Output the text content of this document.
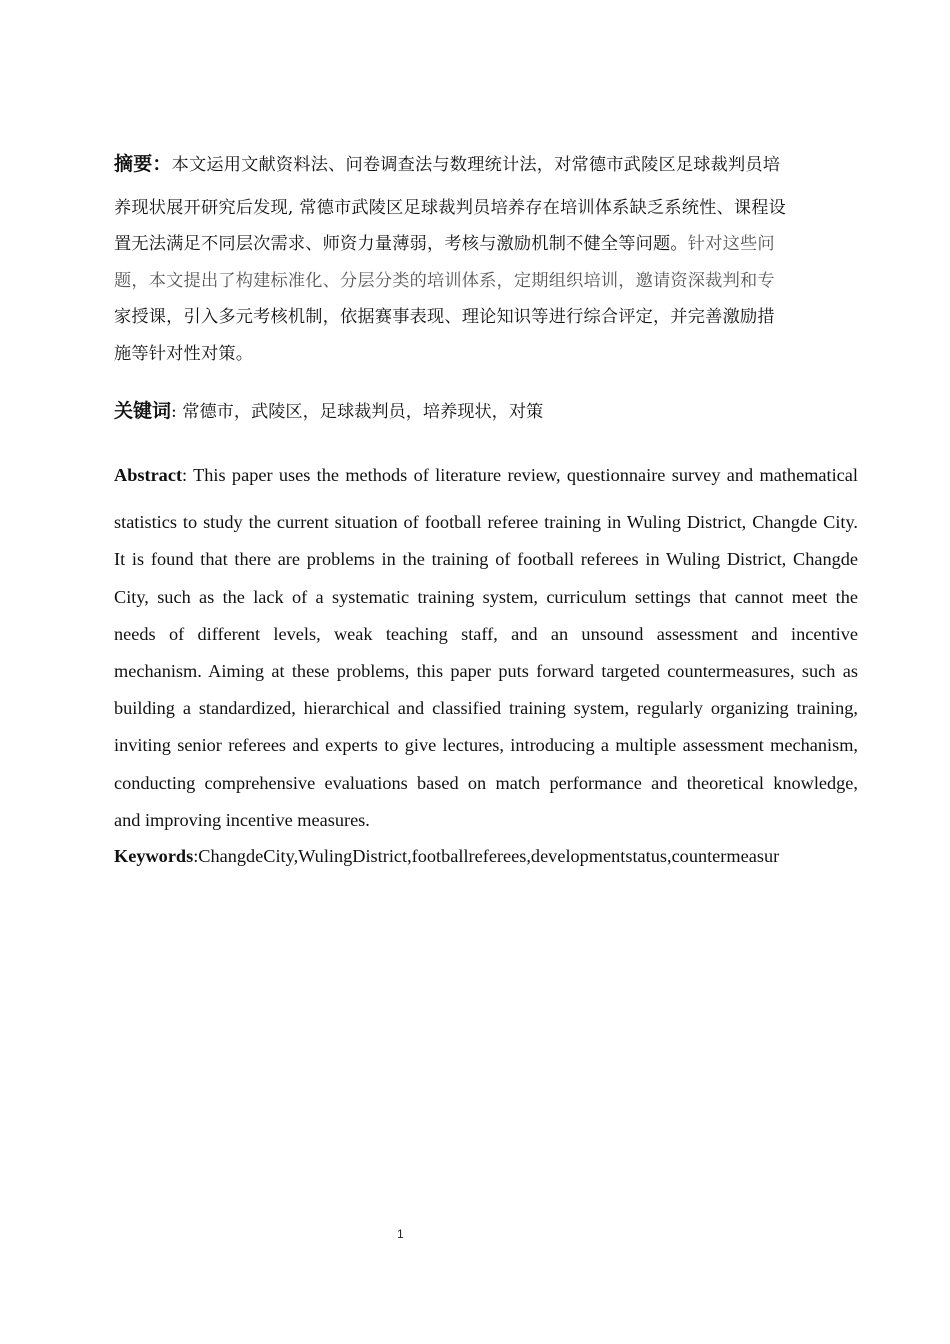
摘要：本文运用文献资料法、问卷调查法与数理统计法，对常德市武陵区足球裁判员培
养现状展开研究后发现, 常德市武陵区足球裁判员培养存在培训体系缺乏系统性、课程设
置无法满足不同层次需求、师资力量薄弱，考核与激励机制不健全等问题。针对这些问
题，本文提出了构建标准化、分层分类的培训体系，定期组织培训，邀请资深裁判和专
家授课，引入多元考核机制，依据赛事表现、理论知识等进行综合评定，并完善激励措
施等针对性对策。
关键词: 常德市，武陵区，足球裁判员，培养现状，对策
Abstract: This paper uses the methods of literature review, questionnaire survey and mathematical
statistics to study the current situation of football referee training in Wuling District, Changde City.
It is found that there are problems in the training of football referees in Wuling District, Changde
City, such as the lack of a systematic training system, curriculum settings that cannot meet the
needs of different levels, weak teaching staff, and an unsound assessment and incentive
mechanism. Aiming at these problems, this paper puts forward targeted countermeasures, such as
building a standardized, hierarchical and classified training system, regularly organizing training,
inviting senior referees and experts to give lectures, introducing a multiple assessment mechanism,
conducting comprehensive evaluations based on match performance and theoretical knowledge,
and improving incentive measures.
Keywords:ChangdeCity,WulingDistrict,footballreferees,developmentstatus,countermeasur
1
